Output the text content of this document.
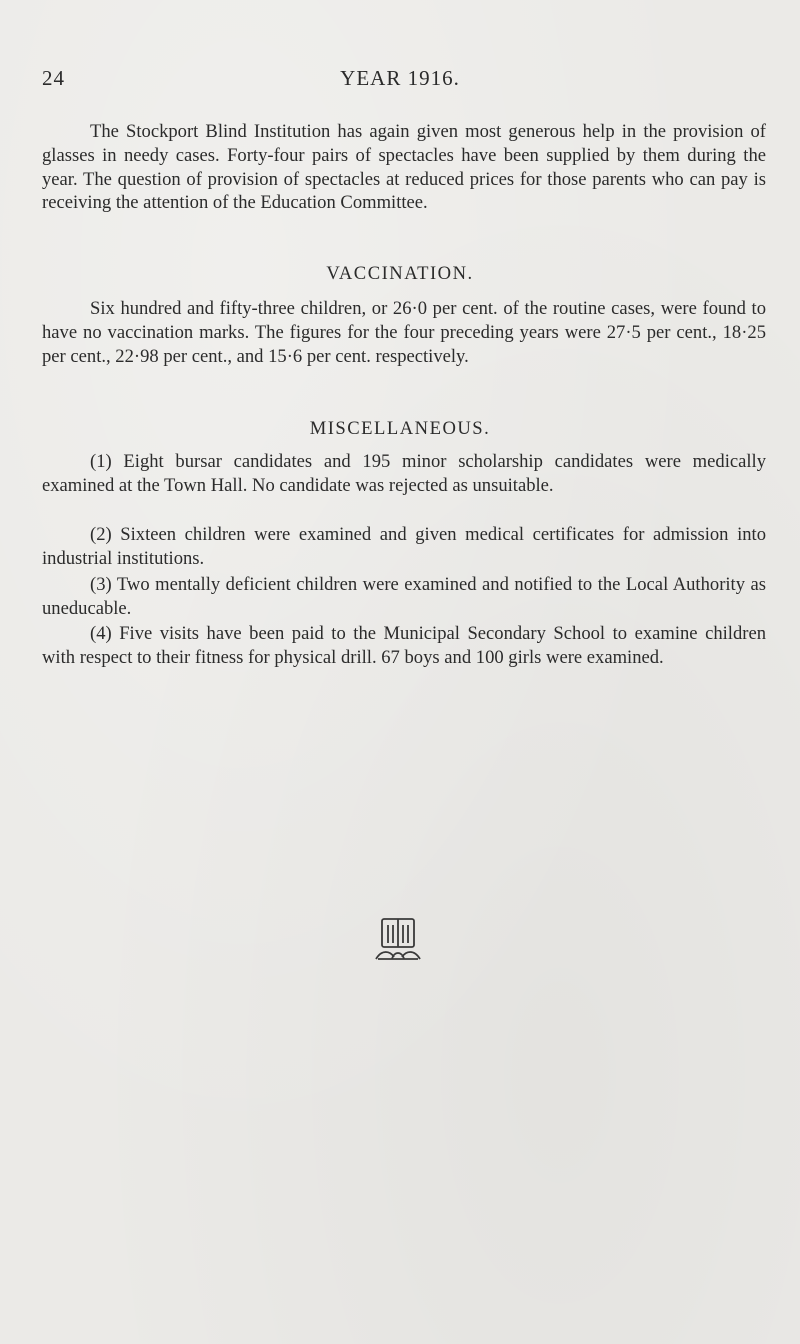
24	YEAR 1916.

The Stockport Blind Institution has again given most generous help in the provision of glasses in needy cases. Forty-four pairs of spectacles have been supplied by them during the year. The question of provision of spectacles at reduced prices for those parents who can pay is receiving the attention of the Education Committee.

VACCINATION.

Six hundred and fifty-three children, or 26·0 per cent. of the routine cases, were found to have no vaccination marks. The figures for the four preceding years were 27·5 per cent., 18·25 per cent., 22·98 per cent., and 15·6 per cent. respectively.

MISCELLANEOUS.

(1) Eight bursar candidates and 195 minor scholarship candidates were medically examined at the Town Hall. No candidate was rejected as unsuitable.

(2) Sixteen children were examined and given medical certificates for admission into industrial institutions.

(3) Two mentally deficient children were examined and notified to the Local Authority as uneducable.

(4) Five visits have been paid to the Municipal Secondary School to examine children with respect to their fitness for physical drill. 67 boys and 100 girls were examined.
